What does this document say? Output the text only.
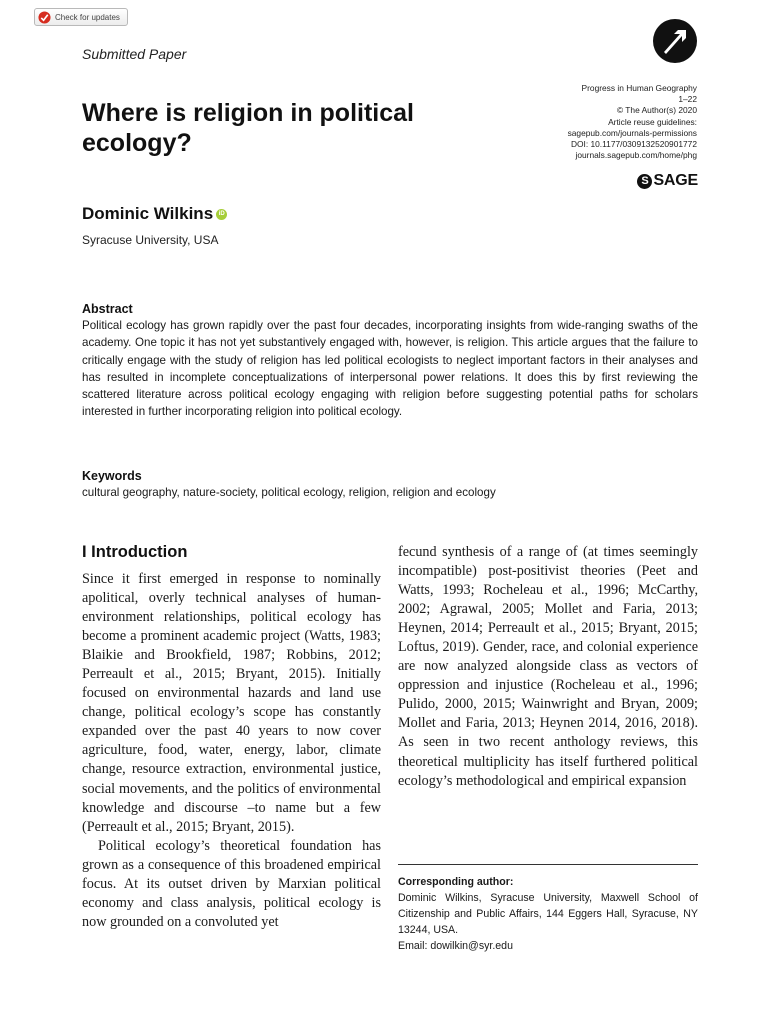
Check for updates
Submitted Paper
Progress in Human Geography
1–22
© The Author(s) 2020
Article reuse guidelines:
sagepub.com/journals-permissions
DOI: 10.1177/0309132520901772
journals.sagepub.com/home/phg
S SAGE
Where is religion in political ecology?
Dominic Wilkins iD
Syracuse University, USA
Abstract

Political ecology has grown rapidly over the past four decades, incorporating insights from wide-ranging swaths of the academy. One topic it has not yet substantively engaged with, however, is religion. This article argues that the failure to critically engage with the study of religion has led political ecologists to neglect important factors in their analyses and has resulted in incomplete conceptualizations of interpersonal power relations. It does this by first reviewing the scattered literature across political ecology engaging with religion before suggesting potential paths for scholars interested in further incorporating religion into political ecology.

Keywords

cultural geography, nature-society, political ecology, religion, religion and ecology

I Introduction

Since it first emerged in response to nominally apolitical, overly technical analyses of human-environment relationships, political ecology has become a prominent academic project (Watts, 1983; Blaikie and Brookfield, 1987; Robbins, 2012; Perreault et al., 2015; Bryant, 2015). Initially focused on environmental hazards and land use change, political ecology’s scope has constantly expanded over the past 40 years to now cover agriculture, food, water, energy, labor, climate change, resource extraction, environmental justice, social movements, and the politics of environmental knowledge and discourse –to name but a few (Perreault et al., 2015; Bryant, 2015).

Political ecology’s theoretical foundation has grown as a consequence of this broadened empirical focus. At its outset driven by Marxian political economy and class analysis, political ecology is now grounded on a convoluted yet

fecund synthesis of a range of (at times seemingly incompatible) post-positivist theories (Peet and Watts, 1993; Rocheleau et al., 1996; McCarthy, 2002; Agrawal, 2005; Mollet and Faria, 2013; Heynen, 2014; Perreault et al., 2015; Bryant, 2015; Loftus, 2019). Gender, race, and colonial experience are now analyzed alongside class as vectors of oppression and injustice (Rocheleau et al., 1996; Pulido, 2000, 2015; Wainwright and Bryan, 2009; Mollet and Faria, 2013; Heynen 2014, 2016, 2018). As seen in two recent anthology reviews, this theoretical multiplicity has itself furthered political ecology’s methodological and empirical expansion

Corresponding author:
Dominic Wilkins, Syracuse University, Maxwell School of Citizenship and Public Affairs, 144 Eggers Hall, Syracuse, NY 13244, USA.
Email: dowilkin@syr.edu
